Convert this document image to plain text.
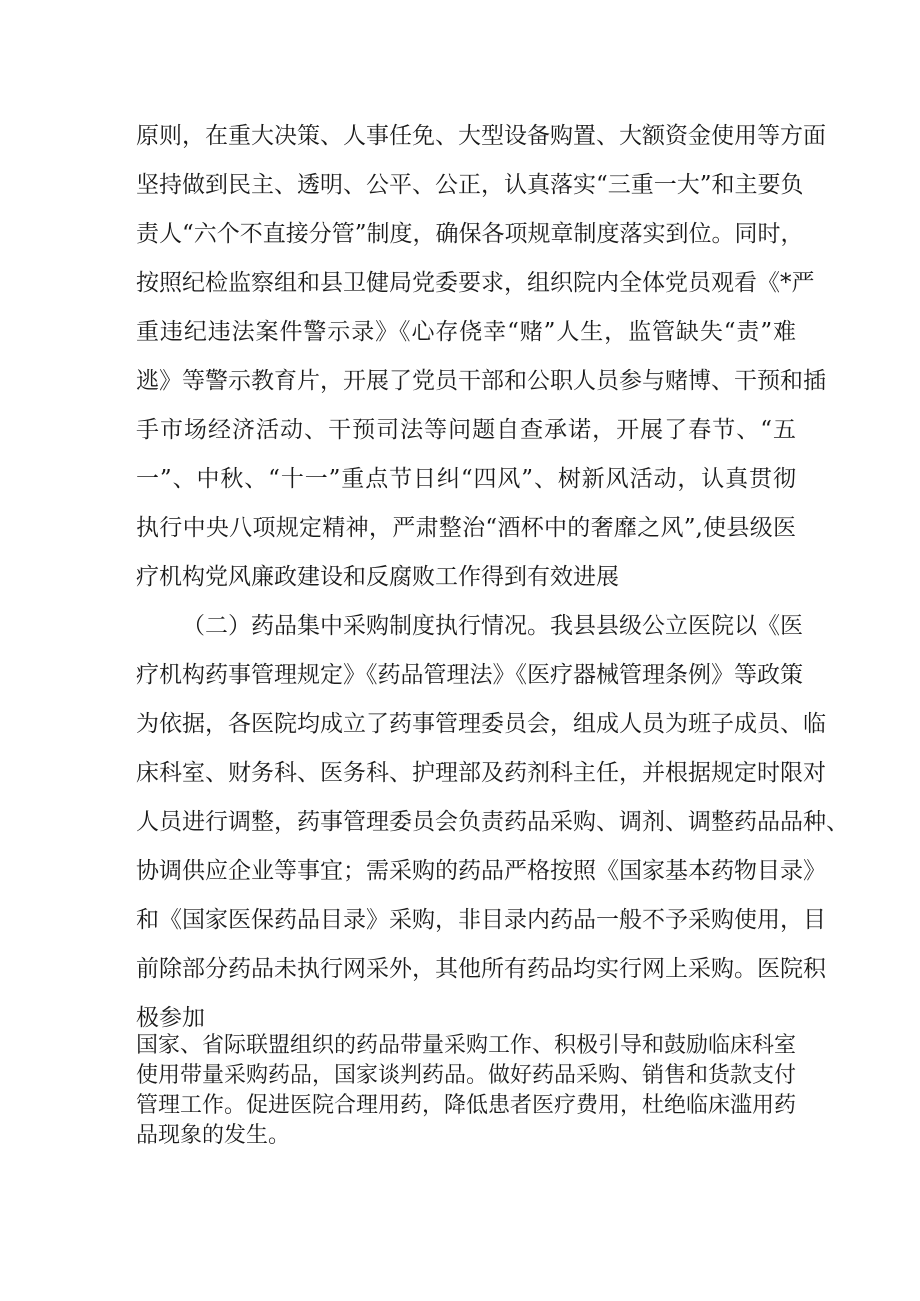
原则，在重大决策、人事任免、大型设备购置、大额资金使用等方面
坚持做到民主、透明、公平、公正，认真落实“三重一大”和主要负
责人“六个不直接分管”制度，确保各项规章制度落实到位。同时，
按照纪检监察组和县卫健局党委要求，组织院内全体党员观看《*严
重违纪违法案件警示录》《心存侥幸“赌”人生，监管缺失“责”难
逃》等警示教育片，开展了党员干部和公职人员参与赌博、干预和插
手市场经济活动、干预司法等问题自查承诺，开展了春节、“五
一”、中秋、“十一”重点节日纠“四风”、树新风活动，认真贯彻
执行中央八项规定精神，严肃整治“酒杯中的奢靡之风”,使县级医
疗机构党风廉政建设和反腐败工作得到有效进展
（二）药品集中采购制度执行情况。我县县级公立医院以《医
疗机构药事管理规定》《药品管理法》《医疗器械管理条例》等政策
为依据，各医院均成立了药事管理委员会，组成人员为班子成员、临
床科室、财务科、医务科、护理部及药剂科主任，并根据规定时限对
人员进行调整，药事管理委员会负责药品采购、调剂、调整药品品种、
协调供应企业等事宜；需采购的药品严格按照《国家基本药物目录》
和《国家医保药品目录》采购，非目录内药品一般不予采购使用，目
前除部分药品未执行网采外，其他所有药品均实行网上采购。医院积
极参加
国家、省际联盟组织的药品带量采购工作、积极引导和鼓励临床科室
使用带量采购药品，国家谈判药品。做好药品采购、销售和货款支付
管理工作。促进医院合理用药，降低患者医疗费用，杜绝临床滥用药
品现象的发生。
